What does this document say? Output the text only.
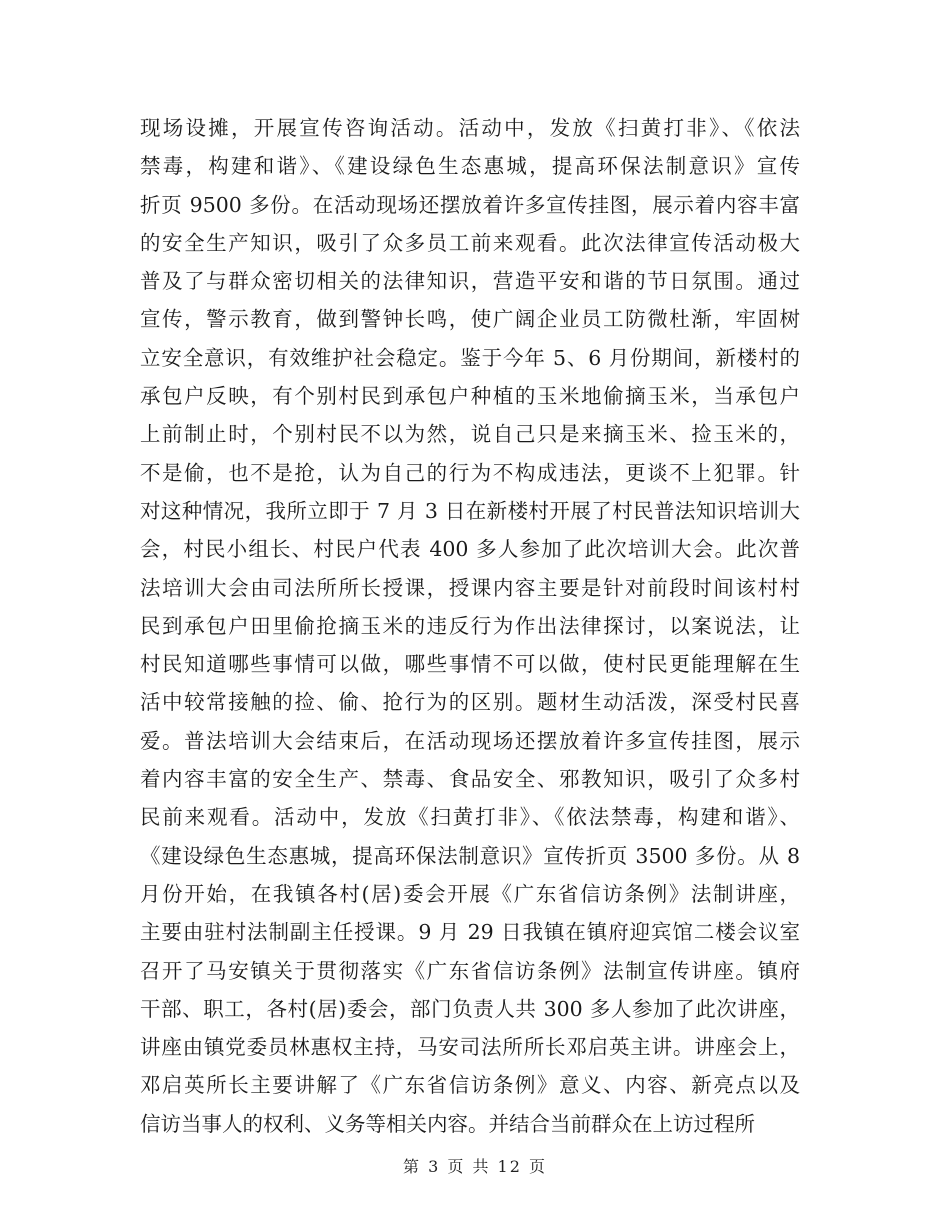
现场设摊，开展宣传咨询活动。活动中，发放《扫黄打非》、《依法
禁毒，构建和谐》、《建设绿色生态惠城，提高环保法制意识》宣传
折页 9500 多份。在活动现场还摆放着许多宣传挂图，展示着内容丰富
的安全生产知识，吸引了众多员工前来观看。此次法律宣传活动极大
普及了与群众密切相关的法律知识，营造平安和谐的节日氛围。通过
宣传，警示教育，做到警钟长鸣，使广阔企业员工防微杜渐，牢固树
立安全意识，有效维护社会稳定。鉴于今年 5、6 月份期间，新楼村的
承包户反映，有个别村民到承包户种植的玉米地偷摘玉米，当承包户
上前制止时，个别村民不以为然，说自己只是来摘玉米、捡玉米的，
不是偷，也不是抢，认为自己的行为不构成违法，更谈不上犯罪。针
对这种情况，我所立即于 7 月 3 日在新楼村开展了村民普法知识培训大
会，村民小组长、村民户代表 400 多人参加了此次培训大会。此次普
法培训大会由司法所所长授课，授课内容主要是针对前段时间该村村
民到承包户田里偷抢摘玉米的违反行为作出法律探讨，以案说法，让
村民知道哪些事情可以做，哪些事情不可以做，使村民更能理解在生
活中较常接触的捡、偷、抢行为的区别。题材生动活泼，深受村民喜
爱。普法培训大会结束后，在活动现场还摆放着许多宣传挂图，展示
着内容丰富的安全生产、禁毒、食品安全、邪教知识，吸引了众多村
民前来观看。活动中，发放《扫黄打非》、《依法禁毒，构建和谐》、
《建设绿色生态惠城，提高环保法制意识》宣传折页 3500 多份。从 8
月份开始，在我镇各村(居)委会开展《广东省信访条例》法制讲座，
主要由驻村法制副主任授课。9 月 29 日我镇在镇府迎宾馆二楼会议室
召开了马安镇关于贯彻落实《广东省信访条例》法制宣传讲座。镇府
干部、职工，各村(居)委会，部门负责人共 300 多人参加了此次讲座，
讲座由镇党委员林惠权主持，马安司法所所长邓启英主讲。讲座会上，
邓启英所长主要讲解了《广东省信访条例》意义、内容、新亮点以及
信访当事人的权利、义务等相关内容。并结合当前群众在上访过程所
第 3 页 共 12 页
